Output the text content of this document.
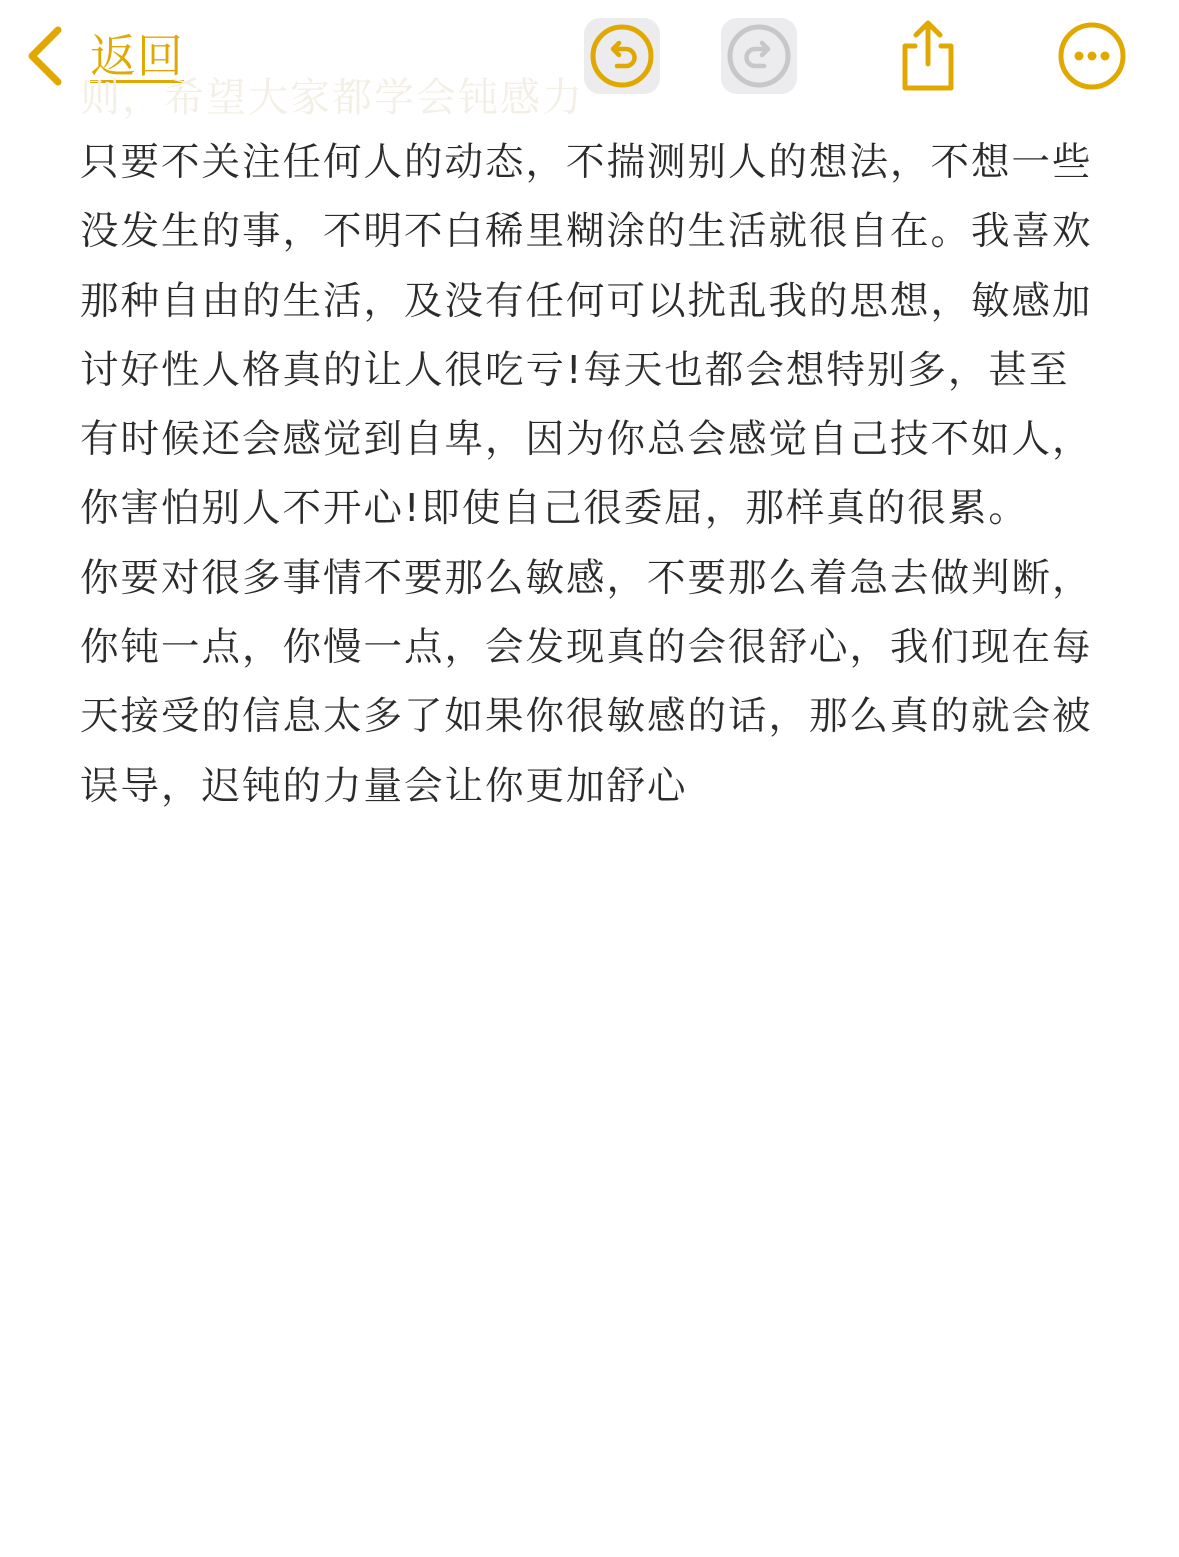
返回
则，希望大家都学会钝感力

只要不关注任何人的动态，不揣测别人的想法，不想一些没发生的事，不明不白稀里糊涂的生活就很自在。我喜欢那种自由的生活，及没有任何可以扰乱我的思想，敏感加讨好性人格真的让人很吃亏!每天也都会想特别多，甚至有时候还会感觉到自卑，因为你总会感觉自己技不如人，你害怕别人不开心!即使自己很委屈，那样真的很累。

你要对很多事情不要那么敏感，不要那么着急去做判断，你钝一点，你慢一点，会发现真的会很舒心，我们现在每天接受的信息太多了如果你很敏感的话，那么真的就会被误导，迟钝的力量会让你更加舒心
